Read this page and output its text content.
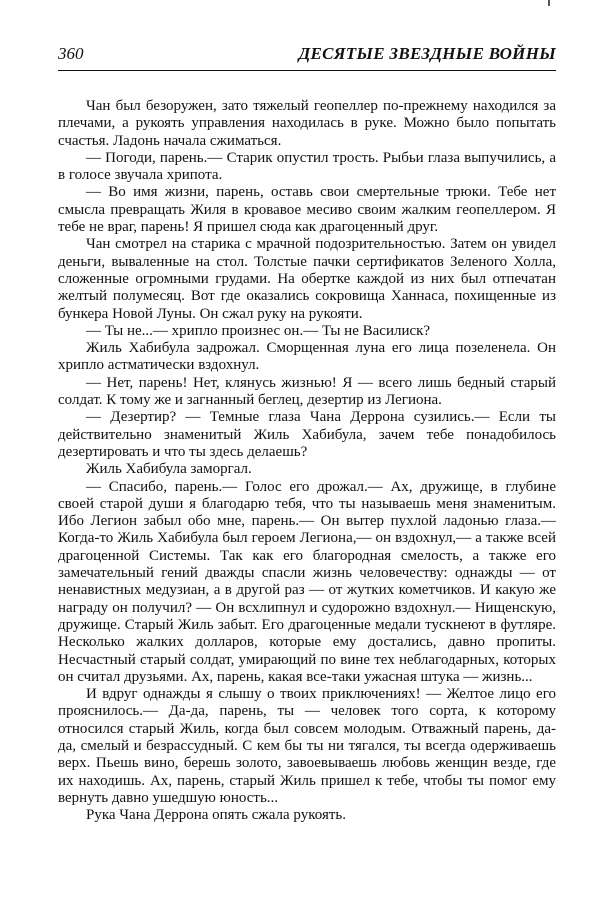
360	ДЕСЯТЫЕ ЗВЕЗДНЫЕ ВОЙНЫ

Чан был безоружен, зато тяжелый геопеллер по-прежнему находился за плечами, а рукоять управления находилась в руке. Можно было попытать счастья. Ладонь начала сжиматься.

— Погоди, парень.— Старик опустил трость. Рыбьи глаза выпучились, а в голосе звучала хрипота.

— Во имя жизни, парень, оставь свои смертельные трюки. Тебе нет смысла превращать Жиля в кровавое месиво своим жалким геопеллером. Я тебе не враг, парень! Я пришел сюда как драгоценный друг.

Чан смотрел на старика с мрачной подозрительностью. Затем он увидел деньги, вываленные на стол. Толстые пачки сертификатов Зеленого Холла, сложенные огромными грудами. На обертке каждой из них был отпечатан желтый полумесяц. Вот где оказались сокровища Ханнаса, похищенные из бункера Новой Луны. Он сжал руку на рукояти.

— Ты не...— хрипло произнес он.— Ты не Василиск?

Жиль Хабибула задрожал. Сморщенная луна его лица позеленела. Он хрипло астматически вздохнул.

— Нет, парень! Нет, клянусь жизнью! Я — всего лишь бедный старый солдат. К тому же и загнанный беглец, дезертир из Легиона.

— Дезертир? — Темные глаза Чана Деррона сузились.— Если ты действительно знаменитый Жиль Хабибула, зачем тебе понадобилось дезертировать и что ты здесь делаешь?

Жиль Хабибула заморгал.

— Спасибо, парень.— Голос его дрожал.— Ах, дружище, в глубине своей старой души я благодарю тебя, что ты называешь меня знаменитым. Ибо Легион забыл обо мне, парень.— Он вытер пухлой ладонью глаза.— Когда-то Жиль Хабибула был героем Легиона,— он вздохнул,— а также всей драгоценной Системы. Так как его благородная смелость, а также его замечательный гений дважды спасли жизнь человечеству: однажды — от ненавистных медузиан, а в другой раз — от жутких кометчиков. И какую же награду он получил? — Он всхлипнул и судорожно вздохнул.— Нищенскую, дружище. Старый Жиль забыт. Его драгоценные медали тускнеют в футляре. Несколько жалких долларов, которые ему достались, давно пропиты. Несчастный старый солдат, умирающий по вине тех неблагодарных, которых он считал друзьями. Ах, парень, какая все-таки ужасная штука — жизнь...

И вдруг однажды я слышу о твоих приключениях! — Желтое лицо его прояснилось.— Да-да, парень, ты — человек того сорта, к которому относился старый Жиль, когда был совсем молодым. Отважный парень, да-да, смелый и безрассудный. С кем бы ты ни тягался, ты всегда одерживаешь верх. Пьешь вино, берешь золото, завоевываешь любовь женщин везде, где их находишь. Ах, парень, старый Жиль пришел к тебе, чтобы ты помог ему вернуть давно ушедшую юность...

Рука Чана Деррона опять сжала рукоять.
